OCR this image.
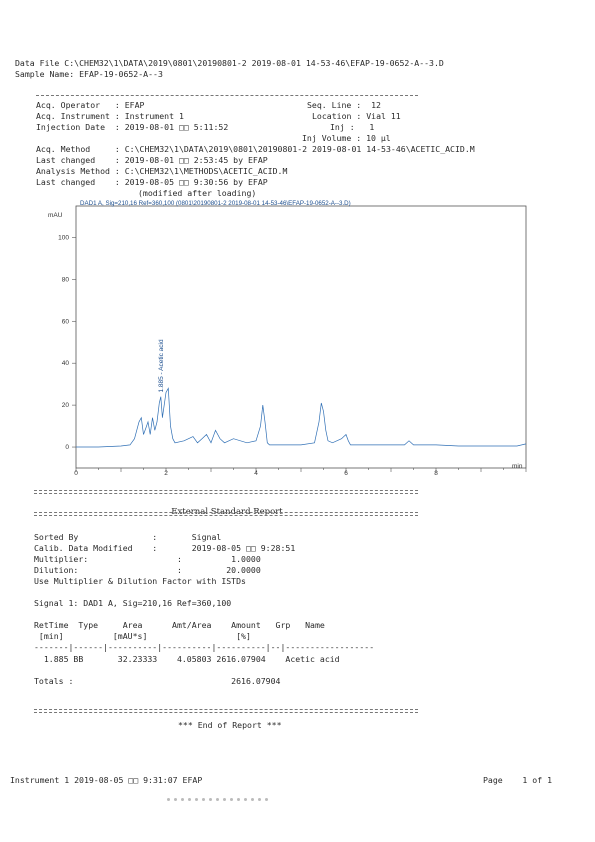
Data File C:\CHEM32\1\DATA\2019\0801\20190801-2 2019-08-01 14-53-46\EFAP-19-0652-A--3.D
Sample Name: EFAP-19-0652-A--3
Acq. Operator   : EFAP	Seq. Line :  12
Acq. Instrument : Instrument 1	Location : Vial 11
Injection Date  : 2019-08-01 □□ 5:11:52	Inj :   1
Inj Volume : 10 µl
Acq. Method     : C:\CHEM32\1\DATA\2019\0801\20190801-2 2019-08-01 14-53-46\ACETIC_ACID.M
Last changed    : 2019-08-01 □□ 2:53:45 by EFAP
Analysis Method : C:\CHEM32\1\METHODS\ACETIC_ACID.M
Last changed    : 2019-08-05 □□ 9:30:56 by EFAP
(modified after loading)
DAD1 A, Sig=210,16 Ref=360,100 (0801\20190801-2 2019-08-01 14-53-46\EFAP-19-0652-A--3.D)
mAU
min
0
20
40
60
80
100
0	2	4	6	8
1.885 - Acetic acid
External Standard Report
Sorted By               :       Signal
Calib. Data Modified    :       2019-08-05 □□ 9:28:51
Multiplier:                  :          1.0000
Dilution:                    :         20.0000
Use Multiplier & Dilution Factor with ISTDs
Signal 1: DAD1 A, Sig=210,16 Ref=360,100
RetTime  Type     Area      Amt/Area    Amount   Grp   Name
[min]          [mAU*s]                  [%]
-------|------|----------|----------|----------|--|------------------
1.885 BB       32.23333    4.05803 2616.07904    Acetic acid
Totals :                                2616.07904
*** End of Report ***
Instrument 1 2019-08-05 □□ 9:31:07 EFAP	Page    1 of 1
